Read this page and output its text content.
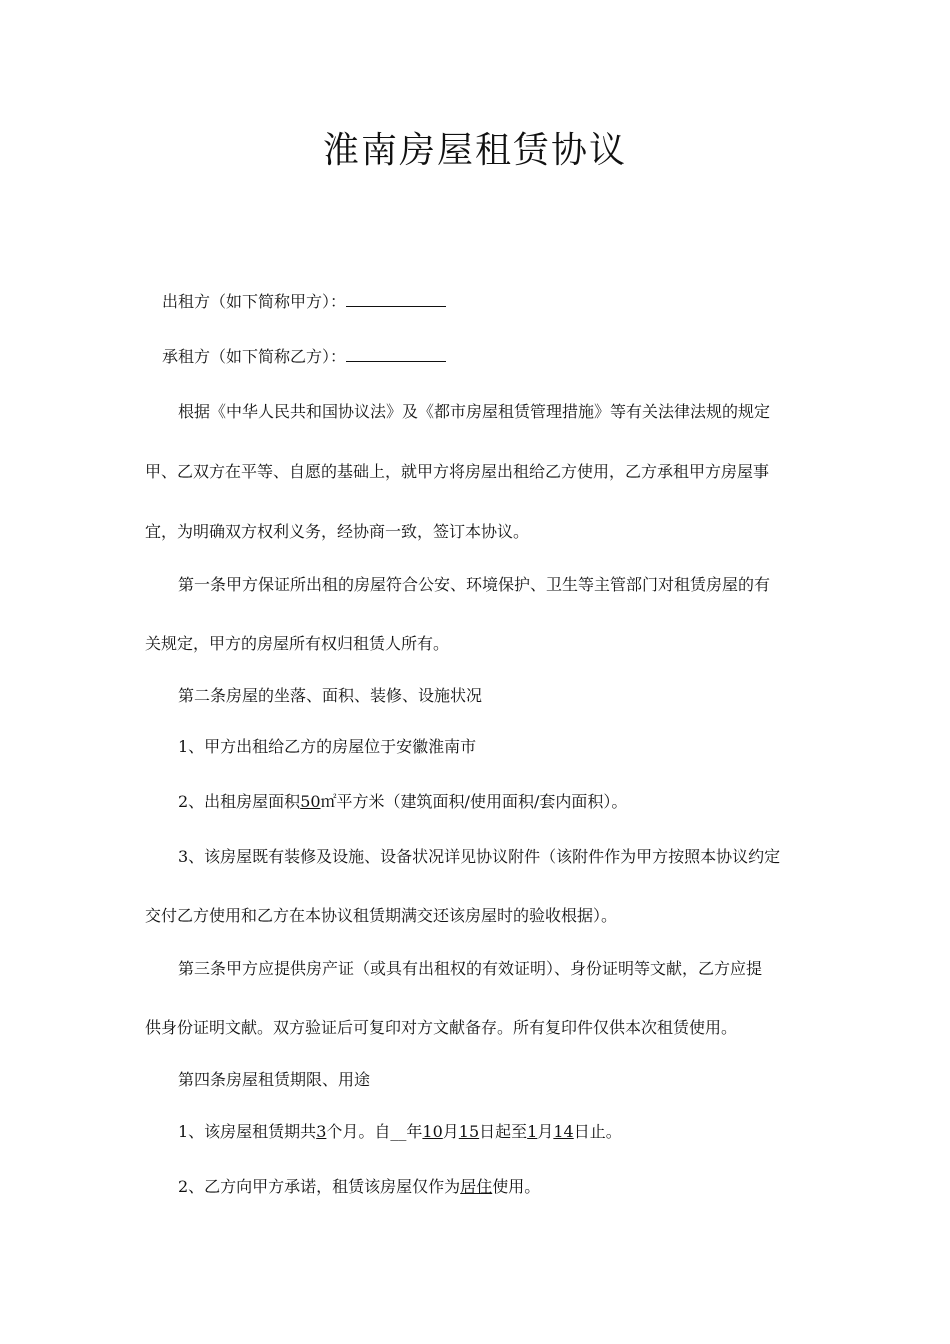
淮南房屋租赁协议
出租方（如下简称甲方）：
承租方（如下简称乙方）：
根据《中华人民共和国协议法》及《都市房屋租赁管理措施》等有关法律法规的规定
甲、乙双方在平等、自愿的基础上，就甲方将房屋出租给乙方使用，乙方承租甲方房屋事
宜，为明确双方权利义务，经协商一致，签订本协议。
第一条甲方保证所出租的房屋符合公安、环境保护、卫生等主管部门对租赁房屋的有
关规定，甲方的房屋所有权归租赁人所有。
第二条房屋的坐落、面积、装修、设施状况
1、甲方出租给乙方的房屋位于安徽淮南市
2、出租房屋面积50㎡平方米（建筑面积/使用面积/套内面积）。
3、该房屋既有装修及设施、设备状况详见协议附件（该附件作为甲方按照本协议约定
交付乙方使用和乙方在本协议租赁期满交还该房屋时的验收根据）。
第三条甲方应提供房产证（或具有出租权的有效证明）、身份证明等文献，乙方应提
供身份证明文献。双方验证后可复印对方文献备存。所有复印件仅供本次租赁使用。
第四条房屋租赁期限、用途
1、该房屋租赁期共3个月。自__年10月15日起至1月14日止。
2、乙方向甲方承诺，租赁该房屋仅作为居住使用。
